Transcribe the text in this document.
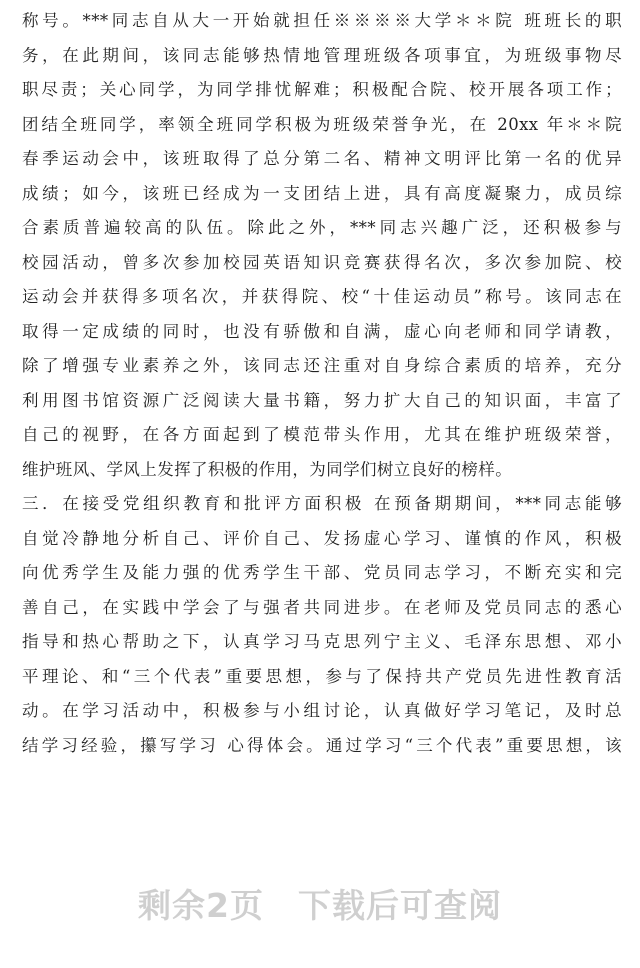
称号。***同志自从大一开始就担任※※※※大学＊＊院 班班长的职
务，在此期间，该同志能够热情地管理班级各项事宜，为班级事物尽
职尽责；关心同学，为同学排忧解难；积极配合院、校开展各项工作；
团结全班同学，率领全班同学积极为班级荣誉争光，在 20xx 年＊＊院
春季运动会中，该班取得了总分第二名、精神文明评比第一名的优异
成绩；如今，该班已经成为一支团结上进，具有高度凝聚力，成员综
合素质普遍较高的队伍。除此之外，***同志兴趣广泛，还积极参与
校园活动，曾多次参加校园英语知识竞赛获得名次，多次参加院、校
运动会并获得多项名次，并获得院、校“十佳运动员”称号。该同志在
取得一定成绩的同时，也没有骄傲和自满，虚心向老师和同学请教，
除了增强专业素养之外，该同志还注重对自身综合素质的培养，充分
利用图书馆资源广泛阅读大量书籍，努力扩大自己的知识面，丰富了
自己的视野，在各方面起到了模范带头作用，尤其在维护班级荣誉，
维护班风、学风上发挥了积极的作用，为同学们树立良好的榜样。
三．在接受党组织教育和批评方面积极 在预备期期间，***同志能够
自觉冷静地分析自己、评价自己、发扬虚心学习、谨慎的作风，积极
向优秀学生及能力强的优秀学生干部、党员同志学习，不断充实和完
善自己，在实践中学会了与强者共同进步。在老师及党员同志的悉心
指导和热心帮助之下，认真学习马克思列宁主义、毛泽东思想、邓小
平理论、和“三个代表”重要思想，参与了保持共产党员先进性教育活
动。在学习活动中，积极参与小组讨论，认真做好学习笔记，及时总
结学习经验，攥写学习 心得体会。通过学习“三个代表”重要思想，该
剩余2页 下载后可查阅
